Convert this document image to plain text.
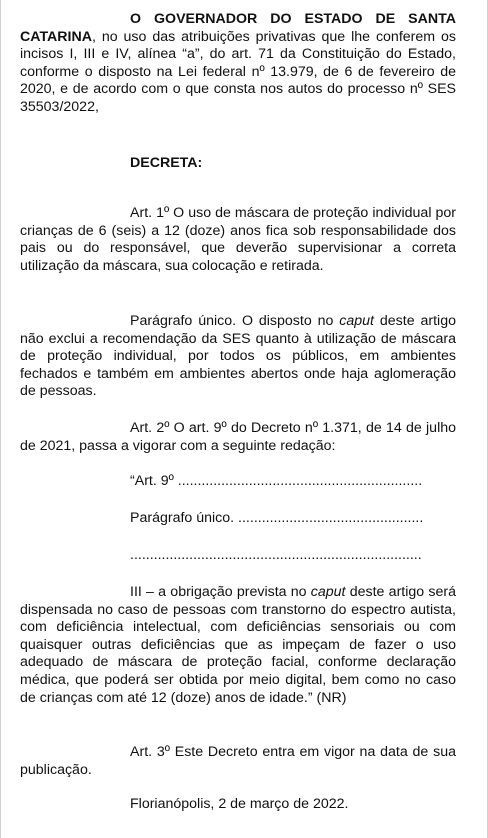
O GOVERNADOR DO ESTADO DE SANTA CATARINA, no uso das atribuições privativas que lhe conferem os incisos I, III e IV, alínea “a”, do art. 71 da Constituição do Estado, conforme o disposto na Lei federal nº 13.979, de 6 de fevereiro de 2020, e de acordo com o que consta nos autos do processo nº SES 35503/2022,

DECRETA:

Art. 1º O uso de máscara de proteção individual por crianças de 6 (seis) a 12 (doze) anos fica sob responsabilidade dos pais ou do responsável, que deverão supervisionar a correta utilização da máscara, sua colocação e retirada.

Parágrafo único. O disposto no caput deste artigo não exclui a recomendação da SES quanto à utilização de máscara de proteção individual, por todos os públicos, em ambientes fechados e também em ambientes abertos onde haja aglomeração de pessoas.

Art. 2º O art. 9º do Decreto nº 1.371, de 14 de julho de 2021, passa a vigorar com a seguinte redação:

“Art. 9º ..............................................................

Parágrafo único. ...............................................

..........................................................................

III – a obrigação prevista no caput deste artigo será dispensada no caso de pessoas com transtorno do espectro autista, com deficiência intelectual, com deficiências sensoriais ou com quaisquer outras deficiências que as impeçam de fazer o uso adequado de máscara de proteção facial, conforme declaração médica, que poderá ser obtida por meio digital, bem como no caso de crianças com até 12 (doze) anos de idade.” (NR)

Art. 3º Este Decreto entra em vigor na data de sua publicação.

Florianópolis, 2 de março de 2022.
